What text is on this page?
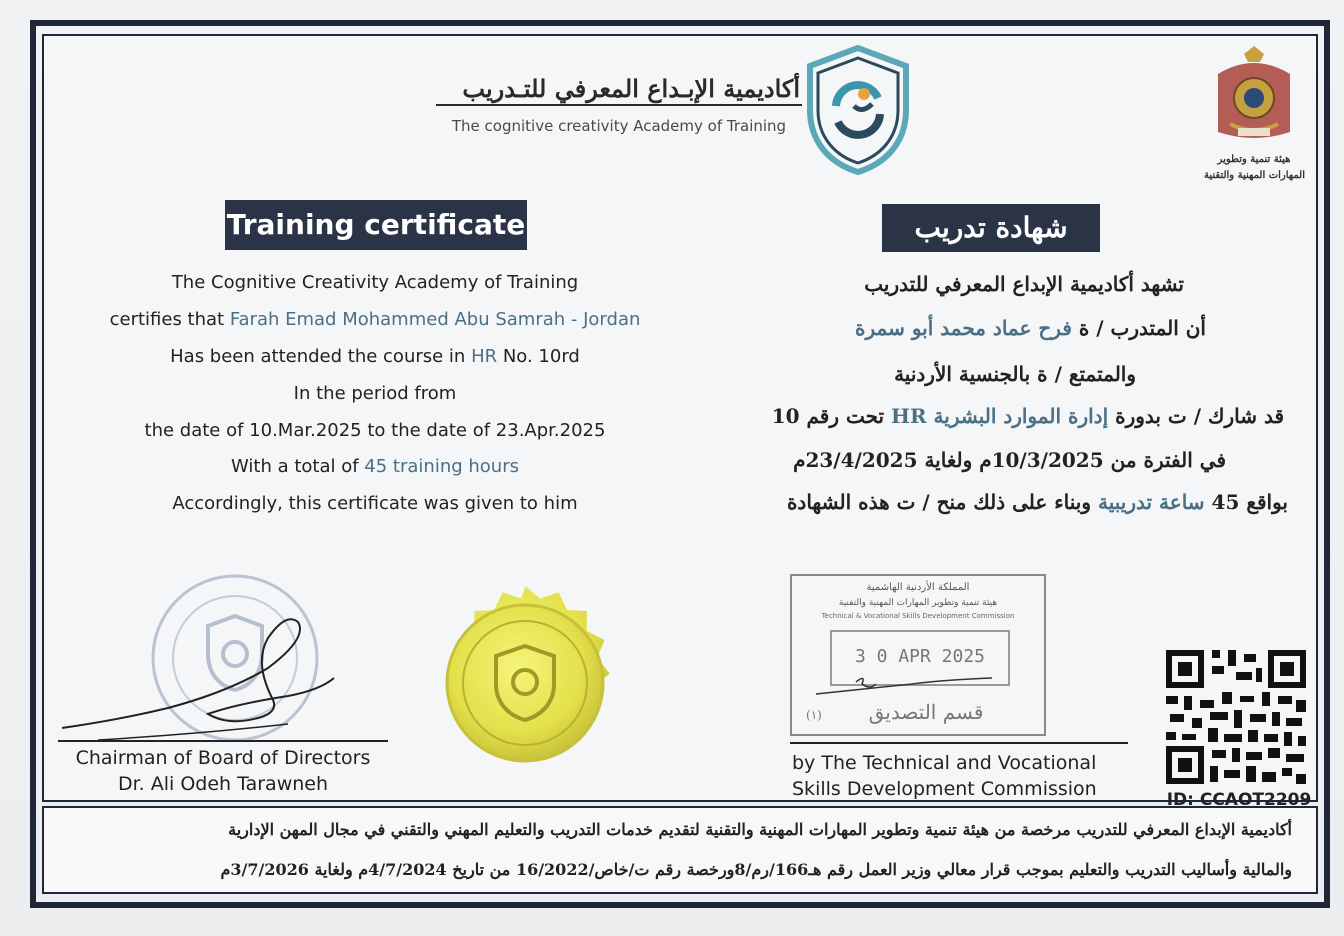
أكاديمية الإبـداع المعرفي للتـدريب
The cognitive creativity Academy of Training
هيئة تنمية وتطوير
المهارات المهنية والتقنية
Training certificate	شهادة تدريب
The Cognitive Creativity Academy of Training
certifies that Farah Emad Mohammed Abu Samrah - Jordan
Has been attended the course in HR No. 10rd
In the period from
the date of 10.Mar.2025 to the date of 23.Apr.2025
With a total of 45 training hours
Accordingly, this certificate was given to him
تشهد أكاديمية الإبداع المعرفي للتدريب
أن المتدرب / ة فرح عماد محمد أبو سمرة
والمتمتع / ة بالجنسية الأردنية
قد شارك / ت بدورة إدارة الموارد البشرية HR تحت رقم 10
في الفترة من 10/3/2025م ولغاية 23/4/2025م
بواقع 45 ساعة تدريبية وبناء على ذلك منح / ت هذه الشهادة
Chairman of Board of Directors
Dr. Ali Odeh Tarawneh
المملكة الأردنية الهاشمية
هيئة تنمية وتطوير المهارات المهنية والتقنية
Technical & Vocational Skills Development Commission
3 0 APR 2025
قسم التصديق
(١)
by The Technical and Vocational
Skills Development Commission	ID: CCAOT2209
أكاديمية الإبداع المعرفي للتدريب مرخصة من هيئة تنمية وتطوير المهارات المهنية والتقنية لتقديم خدمات التدريب والتعليم المهني والتقني في مجال المهن الإدارية
والمالية وأساليب التدريب والتعليم بموجب قرار معالي وزير العمل رقم هـ166/رم/8ورخصة رقم ت/خاص/16/2022 من تاريخ 4/7/2024م ولغاية 3/7/2026م
